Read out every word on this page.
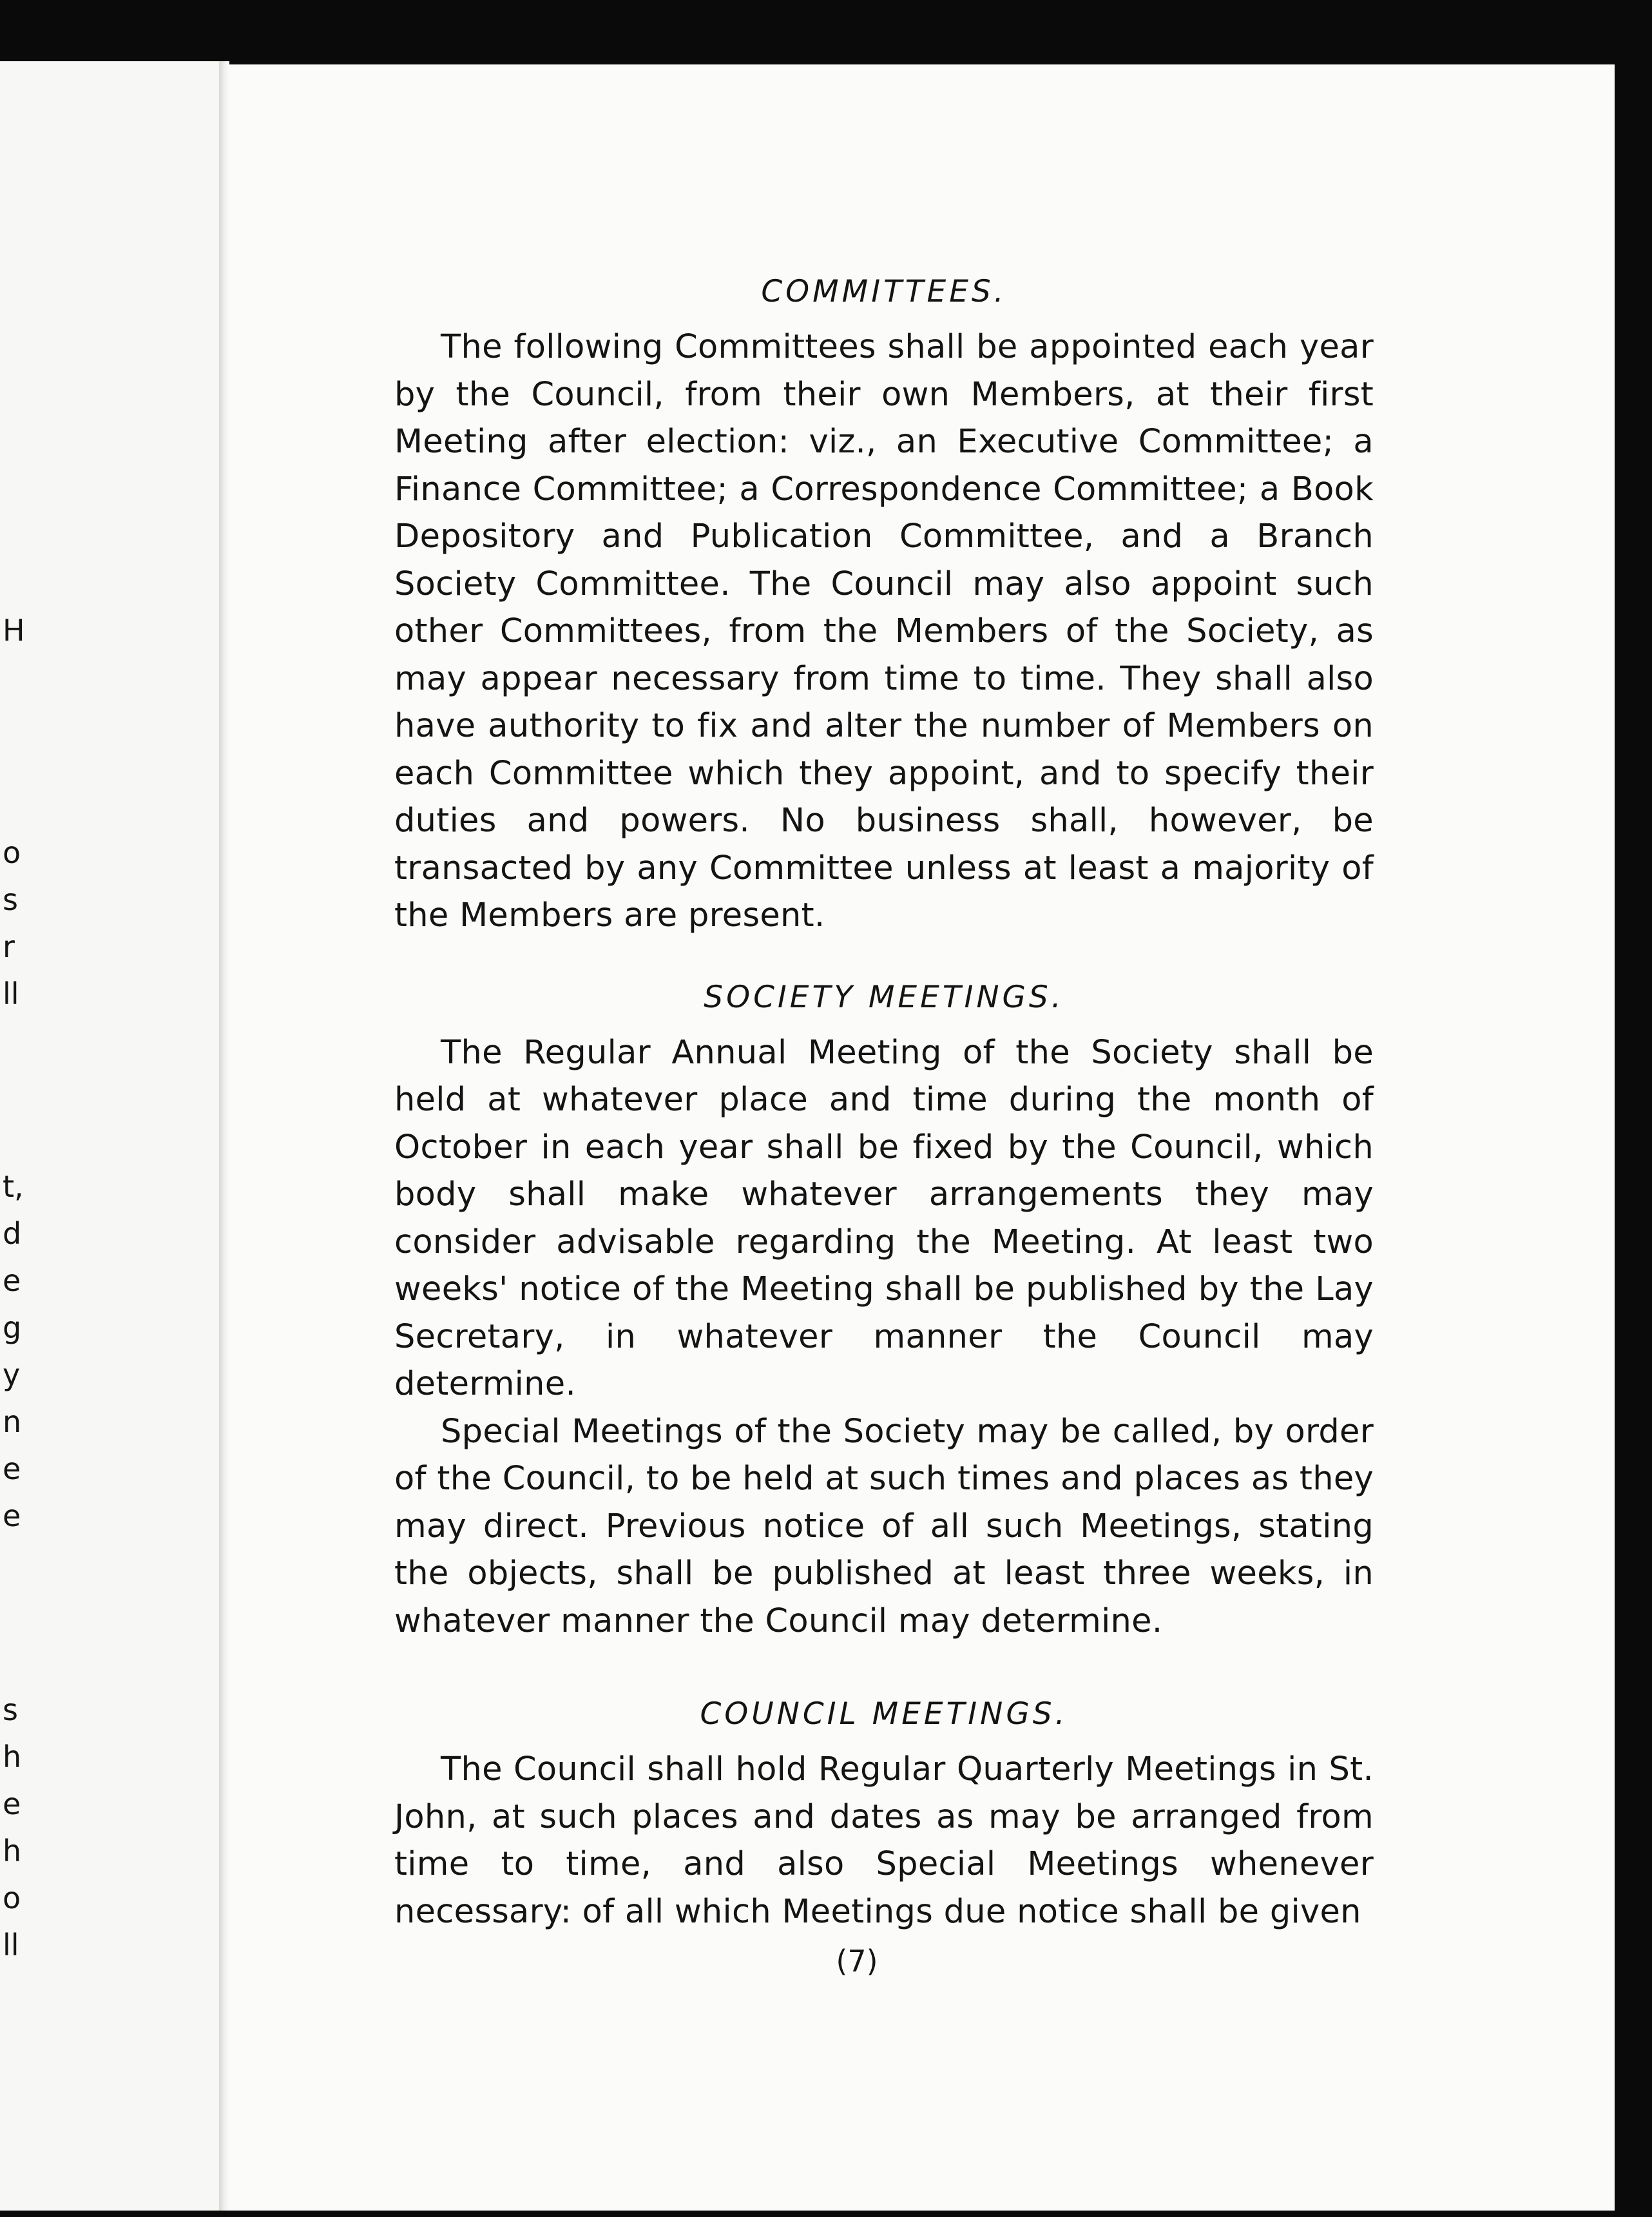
H
o
s
r
ll
t,
d
e
g
y
n
e
e
s
h
e
h
o
ll
COMMITTEES.

The following Committees shall be appointed each year by the Council, from their own Members, at their first Meeting after election: viz., an Executive Committee; a Finance Committee; a Correspondence Committee; a Book Depository and Publication Committee, and a Branch Society Committee. The Council may also appoint such other Committees, from the Members of the Society, as may appear necessary from time to time. They shall also have authority to fix and alter the number of Members on each Committee which they appoint, and to specify their duties and powers. No business shall, however, be transacted by any Committee unless at least a majority of the Members are present.

SOCIETY MEETINGS.

The Regular Annual Meeting of the Society shall be held at whatever place and time during the month of October in each year shall be fixed by the Council, which body shall make whatever arrangements they may consider advisable regarding the Meeting. At least two weeks' notice of the Meeting shall be published by the Lay Secretary, in whatever manner the Council may determine.

Special Meetings of the Society may be called, by order of the Council, to be held at such times and places as they may direct. Previous notice of all such Meetings, stating the objects, shall be published at least three weeks, in whatever manner the Council may determine.

COUNCIL MEETINGS.

The Council shall hold Regular Quarterly Meetings in St. John, at such places and dates as may be arranged from time to time, and also Special Meetings whenever necessary: of all which Meetings due notice shall be given

(7)
